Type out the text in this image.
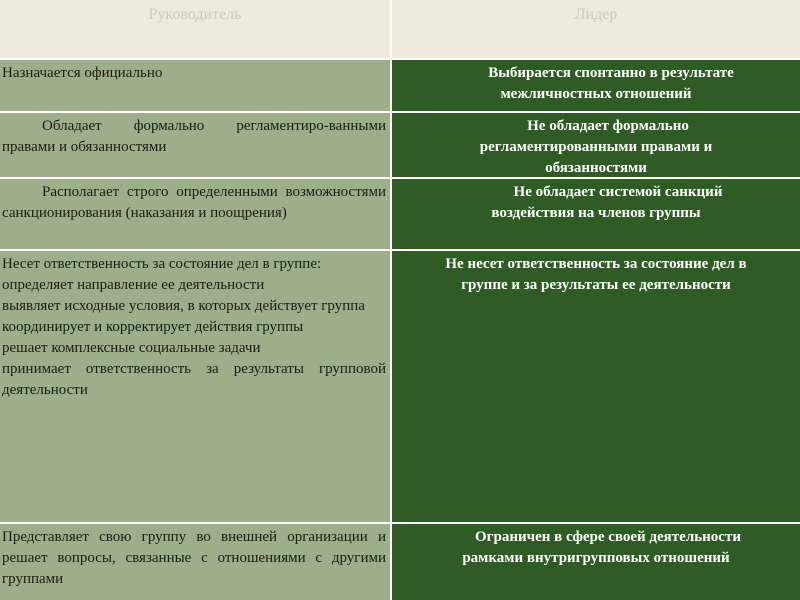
Руководитель	Лидер
Назначается официально	Выбирается спонтанно в результате
межличностных отношений
Обладает формально регламентиро-ванными правами и обязанностями
Не обладает формально
регламентированными правами и
обязанностями
Располагает строго определенными возможностями санкционирования (наказания и поощрения)
Не обладает системой санкций
воздействия на членов группы
Несет ответственность за состояние дел в группе:
определяет направление ее деятельности
выявляет исходные условия, в которых действует группа
координирует и корректирует действия группы
решает комплексные социальные задачи
принимает ответственность за результаты групповой деятельности
Не несет ответственность за состояние дел в
группе и за результаты ее деятельности
Представляет свою группу во внешней организации и решает вопросы, связанные с отношениями с другими группами
Ограничен в сфере своей деятельности
рамками внутригрупповых отношений
